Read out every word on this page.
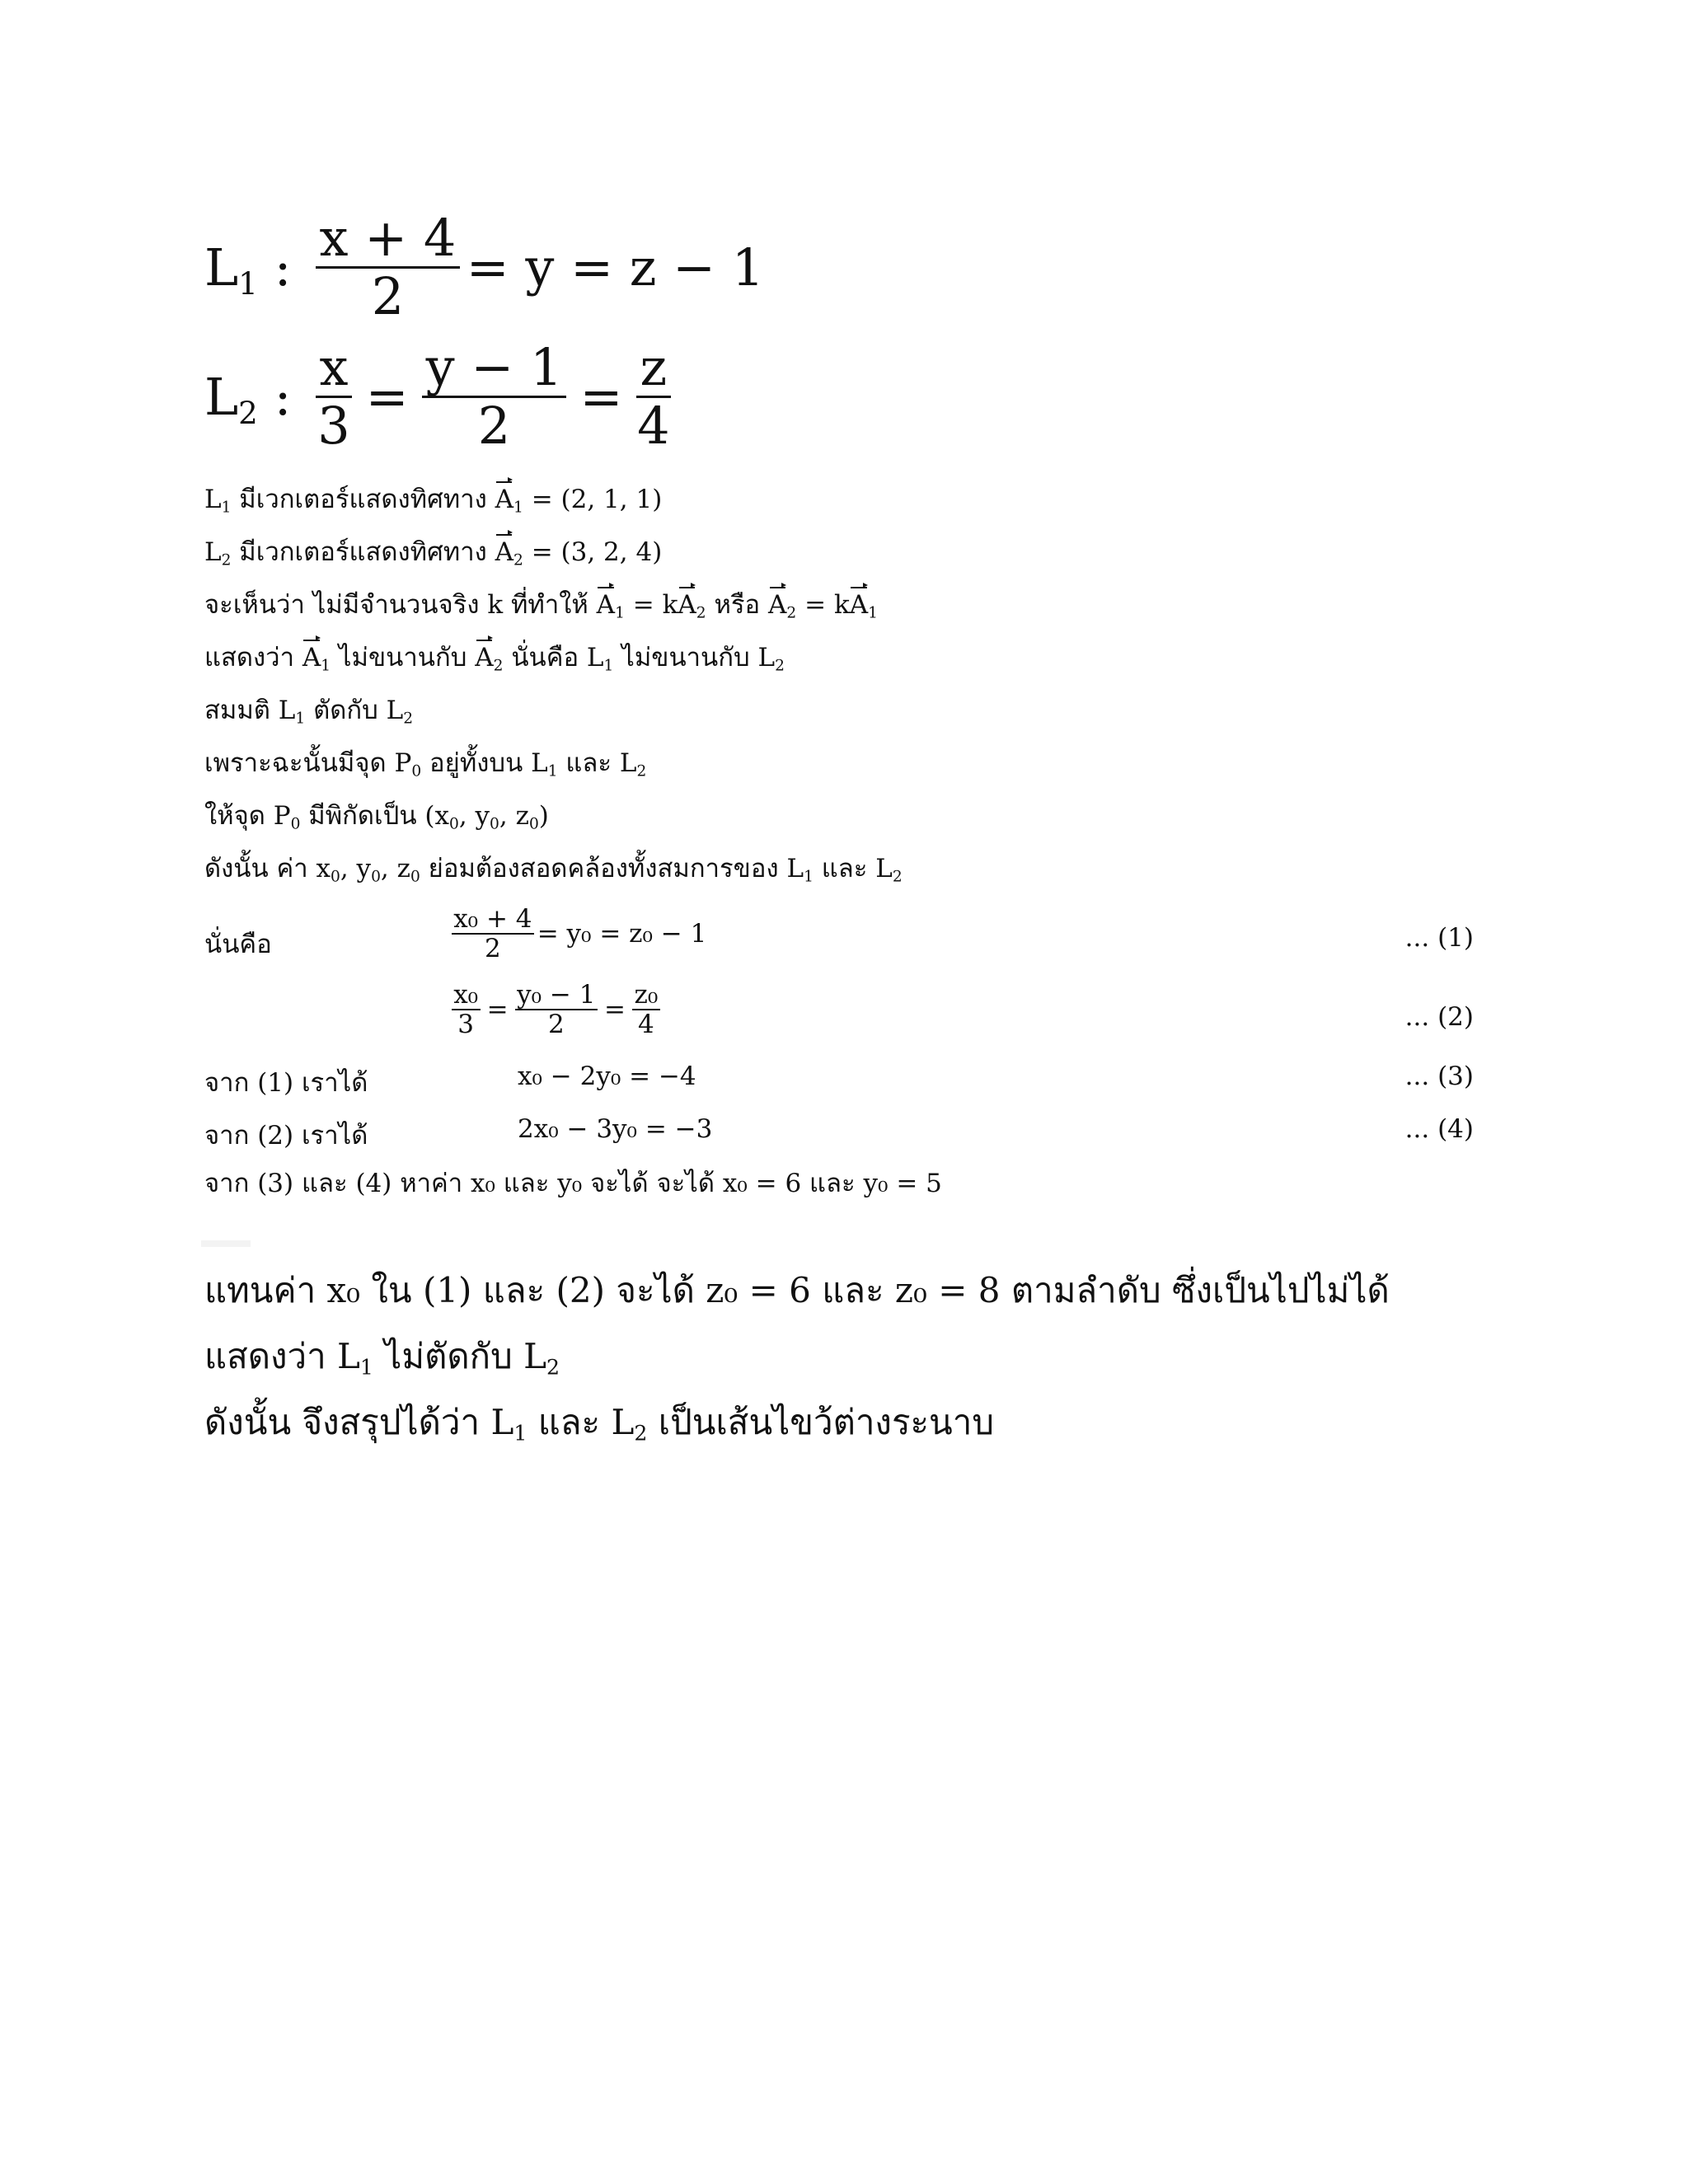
$L_1$ : $\frac{x + 4}{2} = y = z - 1$
$L_2$ : $\frac{x}{3} = \frac{y - 1}{2} = \frac{z}{4}$
$L_1$ มีเวกเตอร์แสดงทิศทาง $A_1 = (2$, 1, 1)
$L_2$ มีเวกเตอร์แสดงทิศทาง $A_2 = (3$, 2, 4)
จะเห็นว่า ไม่มีจำนวนจริง k ที่ทำให้ $A_1 = kA_2$ หรือ $A_2 = kA_1$
แสดงว่า $A_1$ ไม่ขนานกับ $A_2$ นั่นคือ $L_1$ ไม่ขนานกับ $L_2$
สมมติ $L_1$ ตัดกับ $L_2$
เพราะฉะนั้นมีจุด $P_0$ อยู่ทั้งบน $L_1$ และ $L_2$
ให้จุด $P_0$ มีพิกัดเป็น ($x_0$, $y_0$, $z_0$)
ดังนั้น ค่า $x_0$, $y_0$, $z_0$ ย่อมต้องสอดคล้องทั้งสมการของ $L_1$ และ $L_2$
นั่นคือ	$\frac{\text{x₀ + 4}}{2} = y_0 = z_0 - 1$	... (1)
$\frac{\text{x₀}}{3} = \frac{\text{y₀ − 1}}{2} = \frac{\text{z₀}}{4}$	... (2)
จาก (1) เราได้	x₀ − 2y₀ = −4	... (3)
จาก (2) เราได้	2x₀ − 3y₀ = −3	... (4)
จาก (3) และ (4) หาค่า x₀ และ y₀ จะได้ จะได้ x₀ = 6 และ y₀ = 5
แทนค่า x₀ ใน (1) และ (2) จะได้ z₀ = 6 และ z₀ = 8 ตามลำดับ ซึ่งเป็นไปไม่ได้
แสดงว่า $L_1$ ไม่ตัดกับ $L_2$
ดังนั้น จึงสรุปได้ว่า $L_1$ และ $L_2$ เป็นเส้นไขว้ต่างระนาบ
